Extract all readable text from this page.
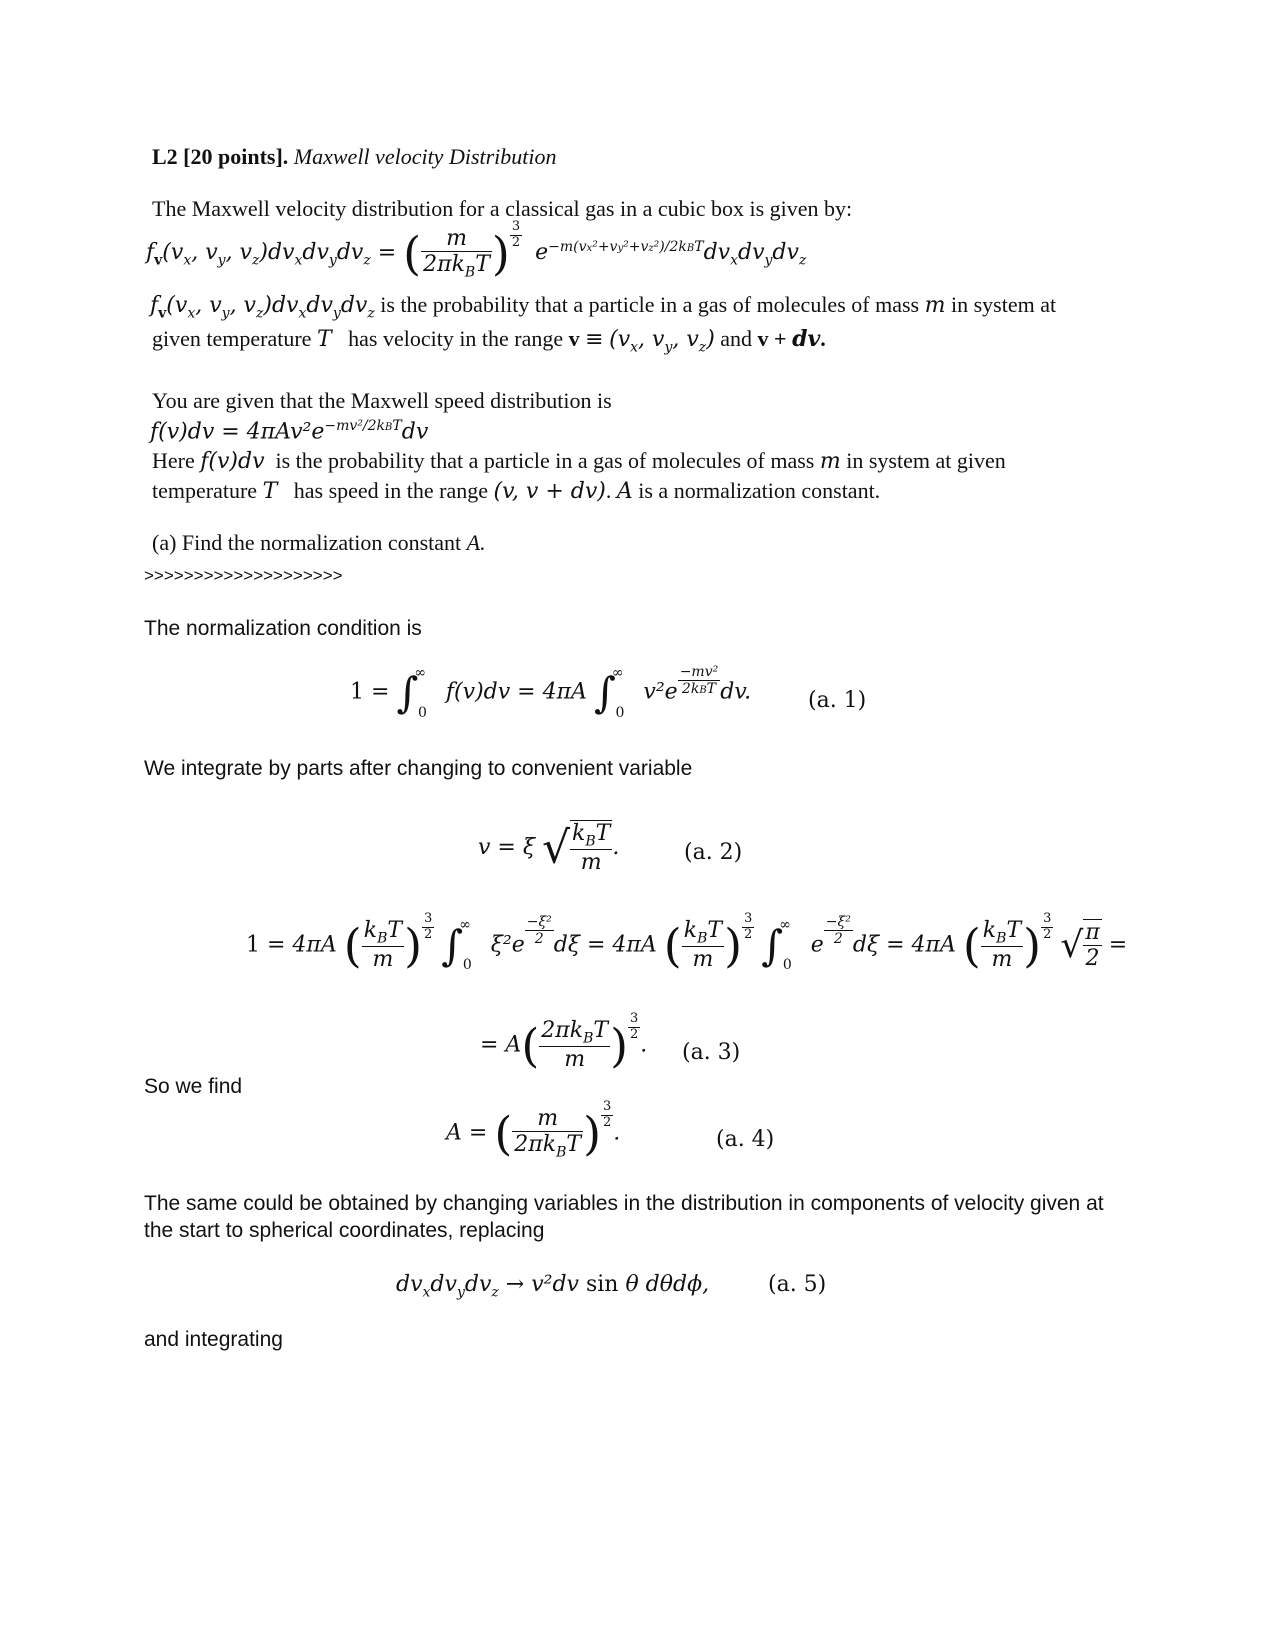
L2 [20 points]. Maxwell velocity Distribution
The Maxwell velocity distribution for a classical gas in a cubic box is given by:
$f_v(v_x$, $v_y$, $v_z)dv_xdv_ydv_z$ = ( $\frac{m}{2\pi k_BT}$ ) $\frac{3}{2}$
$e^{-m(vx^2+vy^2+vz^2)/2kBT}dv_xdv_ydv_z$
$f_v(v_x$, $v_y$, $v_z)dv_xdv_ydv_z$ is the probability that a particle in a gas of molecules of mass m in system at
given temperature T has velocity in the range $v \equiv (v_x$, $v_y$, $v_z$) and v + dv.
You are given that the Maxwell speed distribution is
$f(v)dv = 4\pi Av^2e^{-mv^2/2kBT}dv$
Here f(v)dv is the probability that a particle in a gas of molecules of mass m in system at given
temperature T has speed in the range (v, v + dv). A is a normalization constant.
(a) Find the normalization constant A.
>>>>>>>>>>>>>>>>>>>>
The normalization condition is
$1 = \int^\infty_0$ f(v)dv = 4πA $\int^\infty_0$ $v^2e \frac{\text{−mv²}}{\text{2kBT}}$ dv.	(a. 1)
We integrate by parts after changing to convenient variable
v = ξ √ $\frac{k_BT}{m}$ .	(a. 2)
1 = 4πA ( $\frac{k_BT}{m}$ ) $\frac{3}{2} \int^\infty_0$ $\xi^2e \frac{\text{−ξ²}}{2}$ dξ = 4πA ( $\frac{k_BT}{m}$ ) $\frac{3}{2} \int^\infty_0$ e $\frac{\text{−ξ²}}{2}$ dξ = 4πA ( $\frac{k_BT}{m}$ ) $\frac{3}{2}$ √ $\frac{\pi}{2}$ =
= $A( \frac{2\pi k_BT}{m}$ ) $\frac{3}{2}$
. (a. 3)
So we find
A = ( $\frac{m}{2\pi k_BT}$ ) $\frac{3}{2}$
.	(a. 4)
The same could be obtained by changing variables in the distribution in components of velocity given at
the start to spherical coordinates, replacing
$dv_xdv_ydv_z \to v^2dv$ sin θ dθdϕ,	(a. 5)
and integrating
